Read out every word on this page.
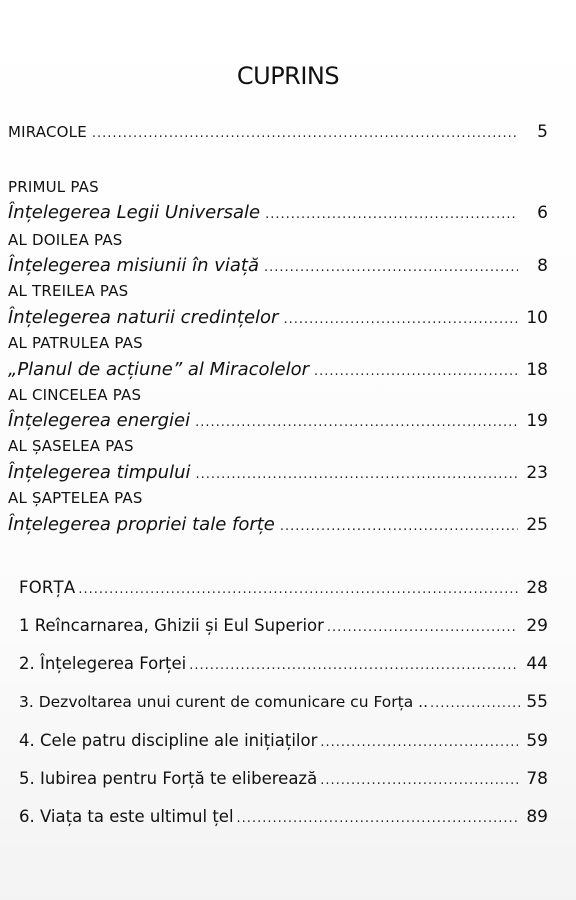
CUPRINS
MIRACOLE .....	5
PRIMUL PAS
Înțelegerea Legii Universale .....	6
AL DOILEA PAS
Înțelegerea misiunii în viață .....	8
AL TREILEA PAS
Înțelegerea naturii credințelor .....	10
AL PATRULEA PAS
„Planul de acțiune” al Miracolelor .....	18
AL CINCELEA PAS
Înțelegerea energiei .....	19
AL ȘASELEA PAS
Înțelegerea timpului .....	23
AL ȘAPTELEA PAS
Înțelegerea propriei tale forțe .....	25
FORȚA .....	28
1 Reîncarnarea, Ghizii și Eul Superior .....	29
2. Înțelegerea Forței .....	44
3. Dezvoltarea unui curent de comunicare cu Forța .. .....	55
4. Cele patru discipline ale inițiaților .....	59
5. Iubirea pentru Forță te eliberează .....	78
6. Viața ta este ultimul țel .....	89
